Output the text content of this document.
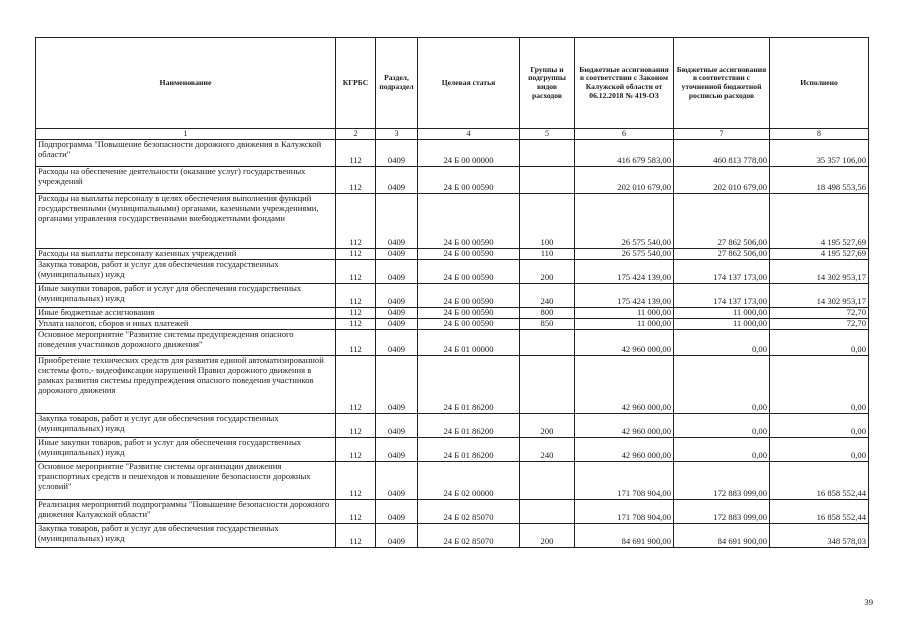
Наименование	КГРБС	Раздел, подраздел	Целевая статья	Группы и подгруппы видов расходов	Бюджетные ассигнования в соответствии с Законом Калужской области от 06.12.2018 № 419-ОЗ	Бюджетные ассигнования в соответствии с уточненной бюджетной росписью расходов	Исполнено
1	2	3	4	5	6	7	8
Подпрограмма "Повышение безопасности дорожного движения в Калужской области"	112	0409	24 Б 00 00000		416 679 583,00	460 813 778,00	35 357 106,00
Расходы на обеспечение деятельности (оказание услуг) государственных учреждений	112	0409	24 Б 00 00590		202 010 679,00	202 010 679,00	18 498 553,56
Расходы на выплаты персоналу в целях обеспечения выполнения функций государственными (муниципальными) органами, казенными учреждениями, органами управления государственными внебюджетными фондами	112	0409	24 Б 00 00590	100	26 575 540,00	27 862 506,00	4 195 527,69
Расходы на выплаты персоналу казенных учреждений	112	0409	24 Б 00 00590	110	26 575 540,00	27 862 506,00	4 195 527,69
Закупка товаров, работ и услуг для обеспечения государственных (муниципальных) нужд	112	0409	24 Б 00 00590	200	175 424 139,00	174 137 173,00	14 302 953,17
Иные закупки товаров, работ и услуг для обеспечения государственных (муниципальных) нужд	112	0409	24 Б 00 00590	240	175 424 139,00	174 137 173,00	14 302 953,17
Иные бюджетные ассигнования	112	0409	24 Б 00 00590	800	11 000,00	11 000,00	72,70
Уплата налогов, сборов и иных платежей	112	0409	24 Б 00 00590	850	11 000,00	11 000,00	72,70
Основное мероприятие "Развитие системы предупреждения опасного поведения участников дорожного движения"	112	0409	24 Б 01 00000		42 960 000,00	0,00	0,00
Приобретение технических средств для развития единой автоматизированной системы фото,- видеофиксации нарушений Правил дорожного движения в рамках развития системы предупреждения опасного поведения участников дорожного движения	112	0409	24 Б 01 86200		42 960 000,00	0,00	0,00
Закупка товаров, работ и услуг для обеспечения государственных (муниципальных) нужд	112	0409	24 Б 01 86200	200	42 960 000,00	0,00	0,00
Иные закупки товаров, работ и услуг для обеспечения государственных (муниципальных) нужд	112	0409	24 Б 01 86200	240	42 960 000,00	0,00	0,00
Основное мероприятие "Развитие системы организации движения транспортных средств и пешеходов и повышение безопасности дорожных условий"	112	0409	24 Б 02 00000		171 708 904,00	172 883 099,00	16 858 552,44
Реализация мероприятий подпрограммы "Повышение безопасности дорожного движения Калужской области"	112	0409	24 Б 02 85070		171 708 904,00	172 883 099,00	16 858 552,44
Закупка товаров, работ и услуг для обеспечения государственных (муниципальных) нужд	112	0409	24 Б 02 85070	200	84 691 900,00	84 691 900,00	348 578,03
39
